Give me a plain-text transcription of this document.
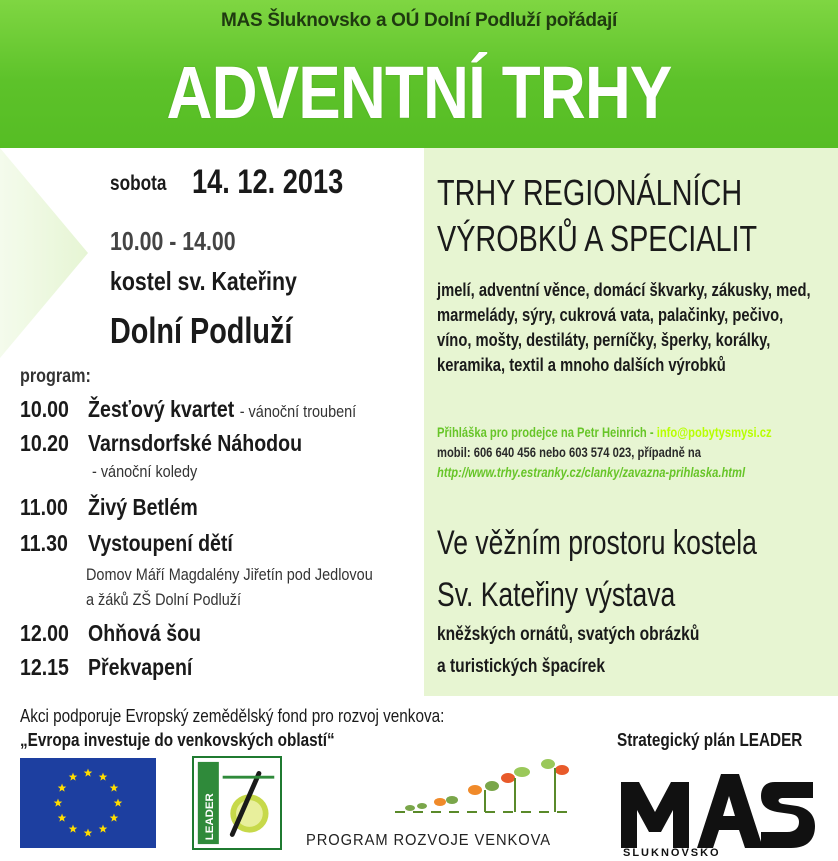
MAS Šluknovsko a OÚ Dolní Podluží pořádají
ADVENTNÍ TRHY
sobota 14. 12. 2013
10.00 - 14.00
kostel sv. Kateřiny
Dolní Podluží
program:
10.00 Žesťový kvartet - vánoční troubení
10.20 Varnsdorfské Náhodou
- vánoční koledy
11.00 Živý Betlém
11.30 Vystoupení dětí
Domov Máří Magdalény Jiřetín pod Jedlovou
a žáků ZŠ Dolní Podluží
12.00 Ohňová šou
12.15 Překvapení
TRHY REGIONÁLNÍCH
VÝROBKŮ A SPECIALIT
jmelí, adventní věnce, domácí škvarky, zákusky, med,
marmelády, sýry, cukrová vata, palačinky, pečivo,
víno, mošty, destiláty, perníčky, šperky, korálky,
keramika, textil a mnoho dalších výrobků
Přihláška pro prodejce na Petr Heinrich - info@pobytysmysi.cz
mobil: 606 640 456 nebo 603 574 023, případně na
http://www.trhy.estranky.cz/clanky/zavazna-prihlaska.html
Ve věžním prostoru kostela
Sv. Kateřiny výstava
kněžských ornátů, svatých obrázků
a turistických špacírek
Akci podporuje Evropský zemědělský fond pro rozvoj venkova:
„Evropa investuje do venkovských oblastí“	Strategický plán LEADER
LEADER
PROGRAM ROZVOJE VENKOVA
ŠLUKNOVSKO
